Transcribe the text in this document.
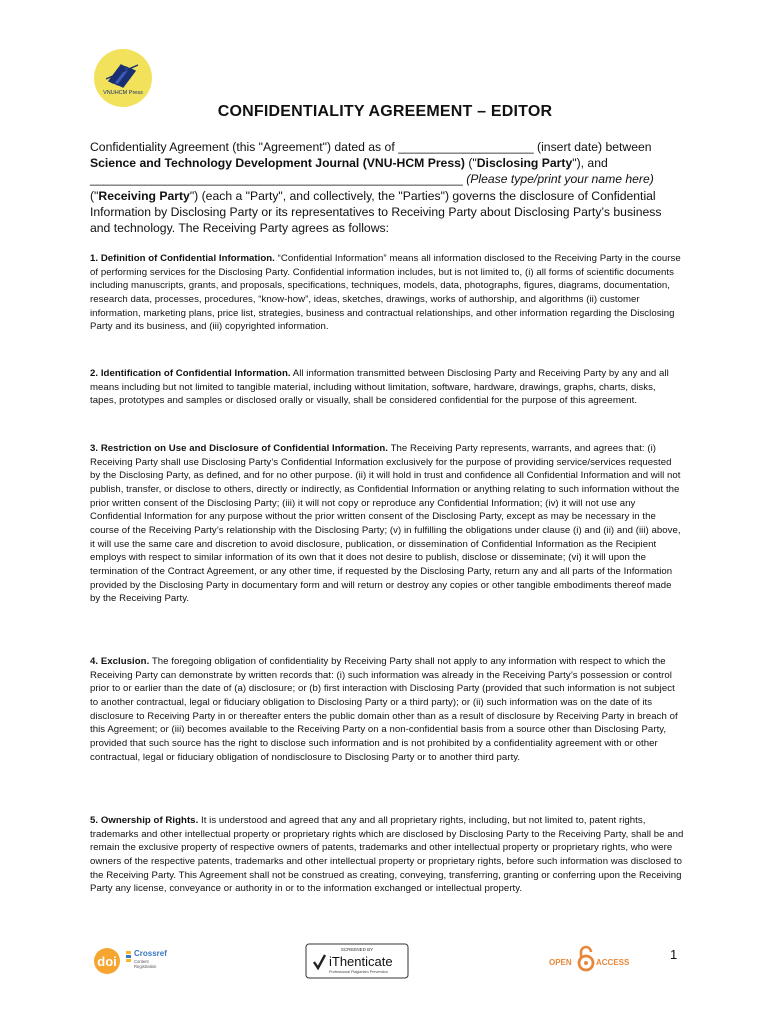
VNUHCM Press
CONFIDENTIALITY AGREEMENT – EDITOR

Confidentiality Agreement (this "Agreement") dated as of ____________________ (insert date) between Science and Technology Development Journal (VNU-HCM Press) ("Disclosing Party"), and _______________________________________________________ (Please type/print your name here) ("Receiving Party") (each a "Party", and collectively, the "Parties") governs the disclosure of Confidential Information by Disclosing Party or its representatives to Receiving Party about Disclosing Party’s business and technology. The Receiving Party agrees as follows:

1. Definition of Confidential Information. “Confidential Information” means all information disclosed to the Receiving Party in the course of performing services for the Disclosing Party. Confidential information includes, but is not limited to, (i) all forms of scientific documents including manuscripts, grants, and proposals, specifications, techniques, models, data, photographs, figures, diagrams, documentation, research data, processes, procedures, “know-how”, ideas, sketches, drawings, works of authorship, and algorithms (ii) customer information, marketing plans, price list, strategies, business and contractual relationships, and other information regarding the Disclosing Party and its business, and (iii) copyrighted information.

2. Identification of Confidential Information. All information transmitted between Disclosing Party and Receiving Party by any and all means including but not limited to tangible material, including without limitation, software, hardware, drawings, graphs, charts, disks, tapes, prototypes and samples or disclosed orally or visually, shall be considered confidential for the purpose of this agreement.

3. Restriction on Use and Disclosure of Confidential Information. The Receiving Party represents, warrants, and agrees that: (i) Receiving Party shall use Disclosing Party’s Confidential Information exclusively for the purpose of providing service/services requested by the Disclosing Party, as defined, and for no other purpose. (ii) it will hold in trust and confidence all Confidential Information and will not publish, transfer, or disclose to others, directly or indirectly, as Confidential Information or anything relating to such information without the prior written consent of the Disclosing Party; (iii) it will not copy or reproduce any Confidential Information; (iv) it will not use any Confidential Information for any purpose without the prior written consent of the Disclosing Party, except as may be necessary in the course of the Receiving Party’s relationship with the Disclosing Party; (v) in fulfilling the obligations under clause (i) and (ii) and (iii) above, it will use the same care and discretion to avoid disclosure, publication, or dissemination of Confidential Information as the Recipient employs with respect to similar information of its own that it does not desire to publish, disclose or disseminate; (vi) it will upon the termination of the Contract Agreement, or any other time, if requested by the Disclosing Party, return any and all parts of the Information provided by the Disclosing Party in documentary form and will return or destroy any copies or other tangible embodiments thereof made by the Receiving Party.

4. Exclusion. The foregoing obligation of confidentiality by Receiving Party shall not apply to any information with respect to which the Receiving Party can demonstrate by written records that: (i) such information was already in the Receiving Party’s possession or control prior to or earlier than the date of (a) disclosure; or (b) first interaction with Disclosing Party (provided that such information is not subject to another contractual, legal or fiduciary obligation to Disclosing Party or a third party); or (ii) such information was on the date of its disclosure to Receiving Party in or thereafter enters the public domain other than as a result of disclosure by Receiving Party in breach of this Agreement; or (iii) becomes available to the Receiving Party on a non-confidential basis from a source other than Disclosing Party, provided that such source has the right to disclose such information and is not prohibited by a confidentiality agreement with or other contractual, legal or fiduciary obligation of nondisclosure to Disclosing Party or to another third party.

5. Ownership of Rights. It is understood and agreed that any and all proprietary rights, including, but not limited to, patent rights, trademarks and other intellectual property or proprietary rights which are disclosed by Disclosing Party to the Receiving Party, shall be and remain the exclusive property of respective owners of patents, trademarks and other intellectual property or proprietary rights, who were owners of the respective patents, trademarks and other intellectual property or proprietary rights, before such information was disclosed to the Receiving Party. This Agreement shall not be construed as creating, conveying, transferring, granting or conferring upon the Receiving Party any license, conveyance or authority in or to the information exchanged or intellectual property.

doi
Crossref
Content
Registration
SCREENED BY
iThenticate
Professional Plagiarism Prevention
OPEN	ACCESS
1
